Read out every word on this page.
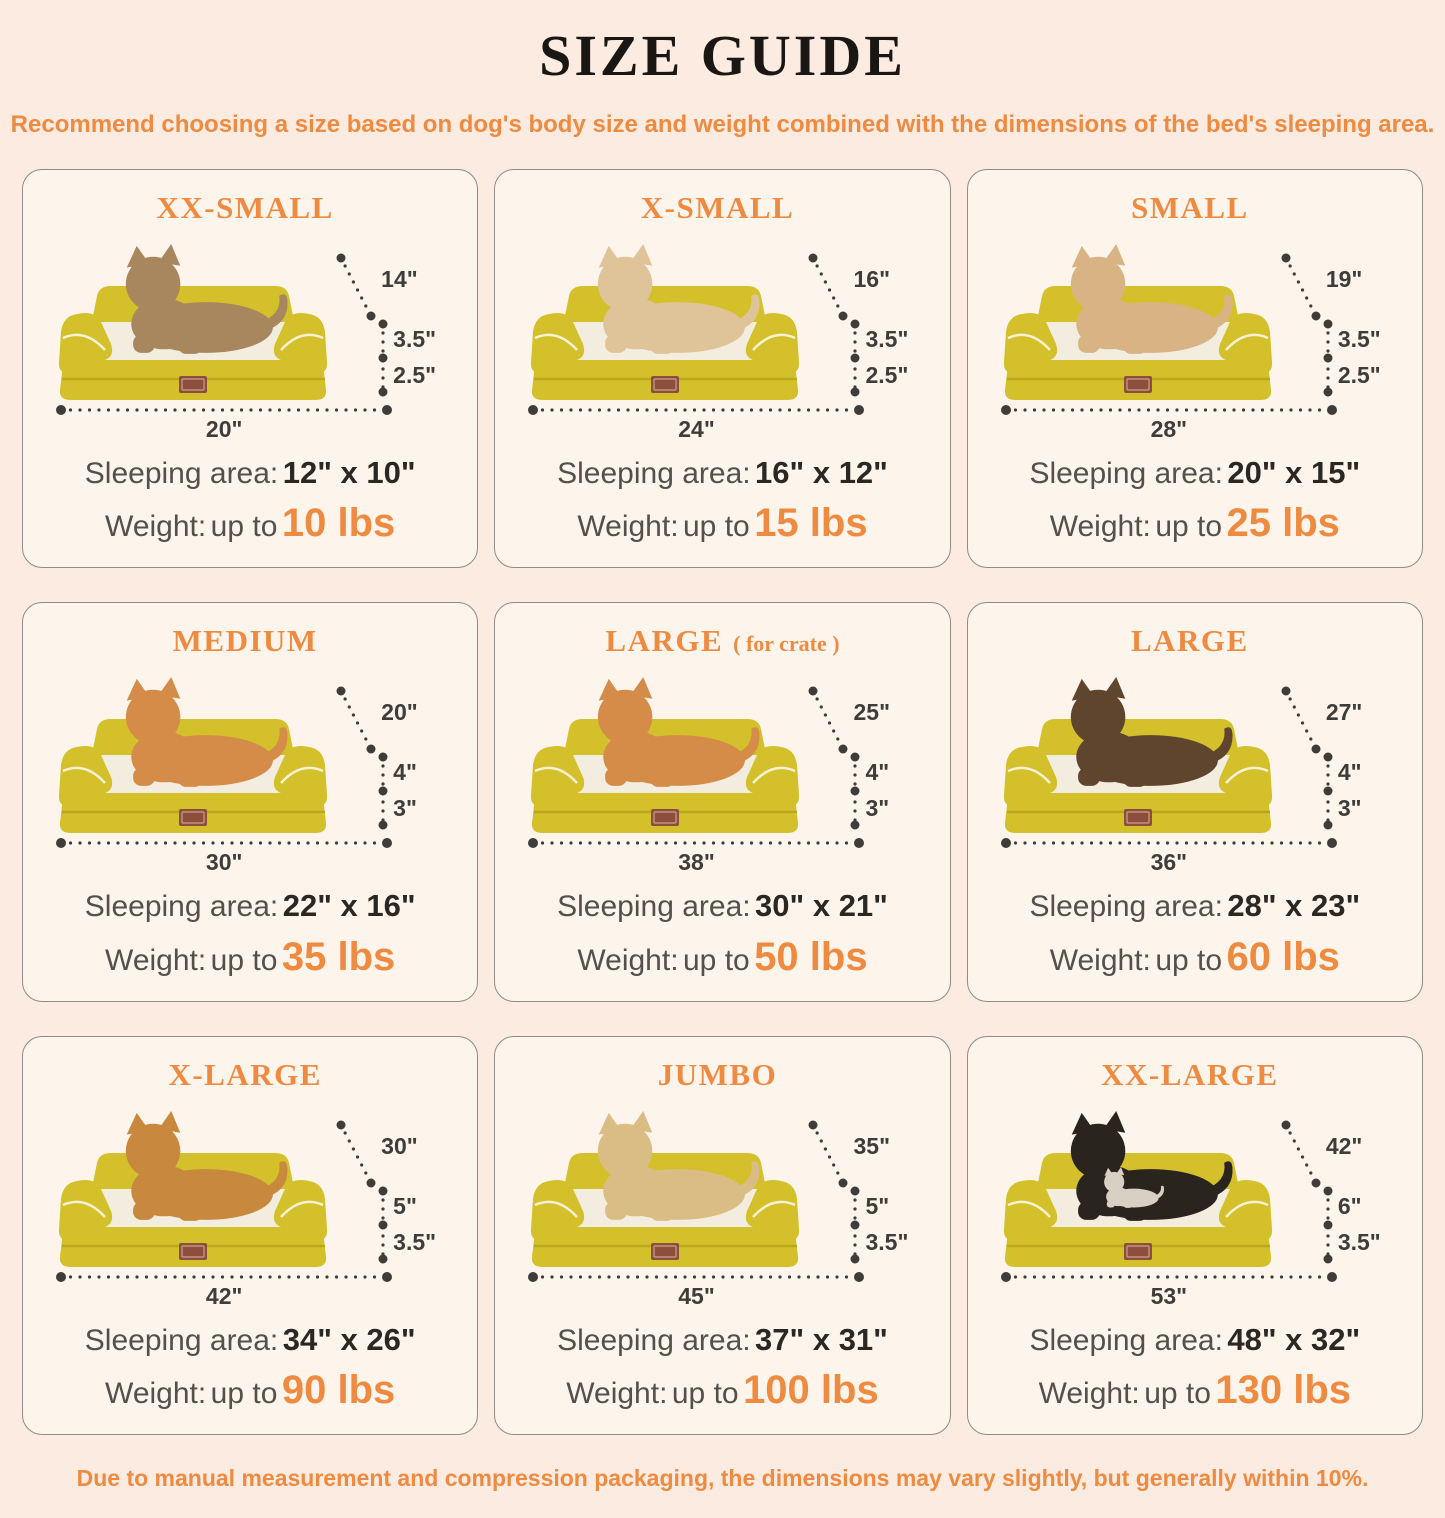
SIZE GUIDE

Recommend choosing a size based on dog's body size and weight combined with the dimensions of the bed's sleeping area.

XX-SMALL
14"
3.5"
2.5"
20"

Sleeping area: 12" x 10"

Weight: up to 10 lbs

X-SMALL
16"
3.5"
2.5"
24"

Sleeping area: 16" x 12"

Weight: up to 15 lbs

SMALL
19"
3.5"
2.5"
28"

Sleeping area: 20" x 15"

Weight: up to 25 lbs

MEDIUM
20"
4"
3"
30"

Sleeping area: 22" x 16"

Weight: up to 35 lbs

LARGE ( for crate )
25"
4"
3"
38"

Sleeping area: 30" x 21"

Weight: up to 50 lbs

LARGE
27"
4"
3"
36"

Sleeping area: 28" x 23"

Weight: up to 60 lbs

X-LARGE
30"
5"
3.5"
42"

Sleeping area: 34" x 26"

Weight: up to 90 lbs

JUMBO
35"
5"
3.5"
45"

Sleeping area: 37" x 31"

Weight: up to 100 lbs

XX-LARGE
42"
6"
3.5"
53"

Sleeping area: 48" x 32"

Weight: up to 130 lbs

Due to manual measurement and compression packaging, the dimensions may vary slightly, but generally within 10%.
